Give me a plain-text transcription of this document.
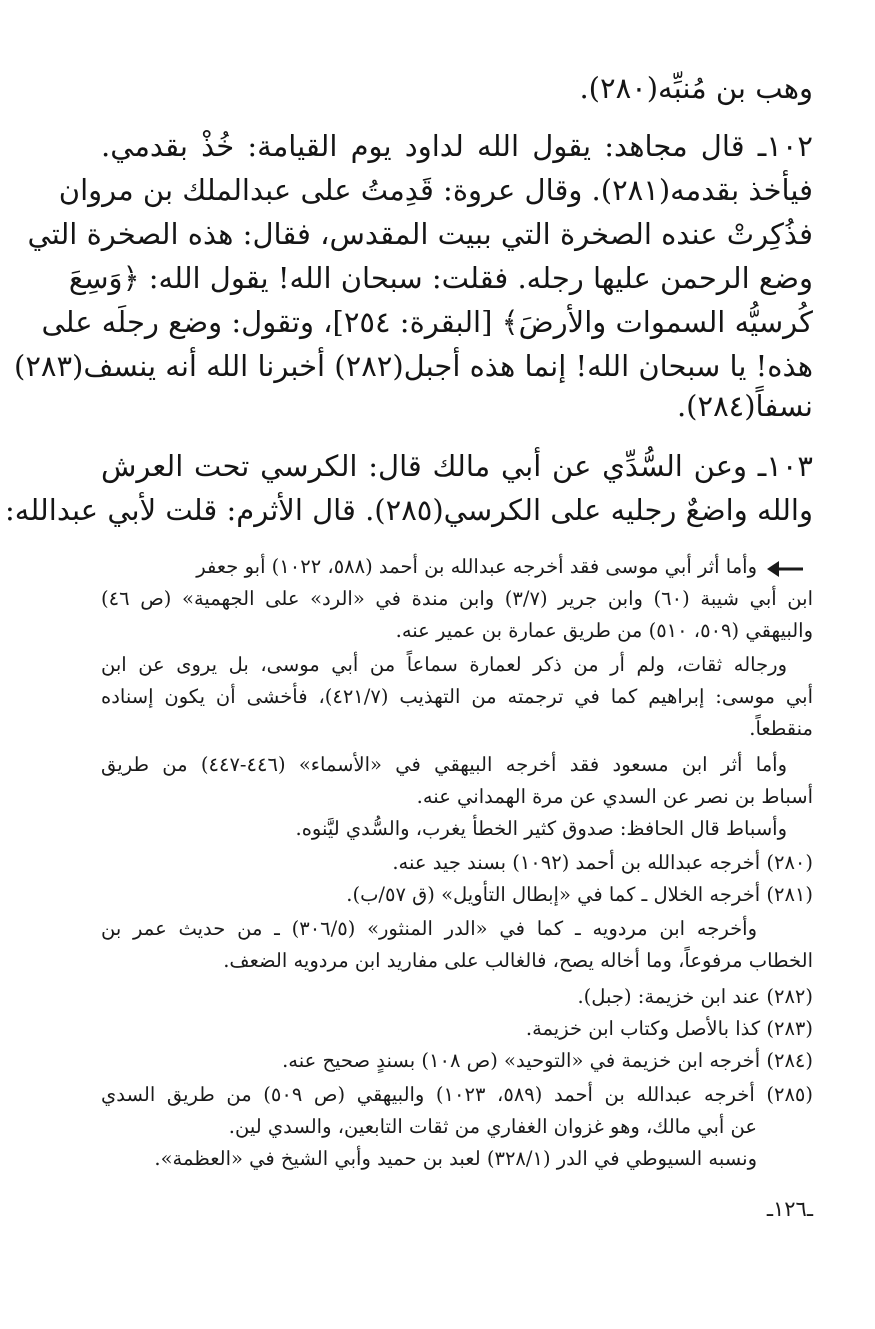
وهب بن مُنبِّه(٢٨٠).
١٠٢ـ قال مجاهد: يقول الله لداود يوم القيامة: خُذْ بقدمي.
فيأخذ بقدمه(٢٨١). وقال عروة: قَدِمتُ على عبدالملك بن مروان
فذُكِرتْ عنده الصخرة التي ببيت المقدس، فقال: هذه الصخرة التي
وضع الرحمن عليها رجله. فقلت: سبحان الله! يقول الله: ﴿وَسِعَ
كُرسيُّه السموات والأرضَ﴾ [البقرة: ٢٥٤]، وتقول: وضع رجلَه على
هذه! يا سبحان الله! إنما هذه أجبل(٢٨٢) أخبرنا الله أنه ينسف(٢٨٣)
نسفاً(٢٨٤).
١٠٣ـ وعن السُّدِّي عن أبي مالك قال: الكرسي تحت العرش
والله واضعٌ رجليه على الكرسي(٢٨٥). قال الأثرم: قلت لأبي عبدالله:
وأما أثر أبي موسى فقد أخرجه عبدالله بن أحمد (٥٨٨، ١٠٢٢) أبو جعفر
ابن أبي شيبة (٦٠) وابن جرير (٣/٧) وابن مندة في «الرد» على الجهمية» (ص ٤٦)
والبيهقي (٥٠٩، ٥١٠) من طريق عمارة بن عمير عنه.
ورجاله ثقات، ولم أر من ذكر لعمارة سماعاً من أبي موسى، بل يروى عن ابن
أبي موسى: إبراهيم كما في ترجمته من التهذيب (٤٢١/٧)، فأخشى أن يكون إسناده
منقطعاً.
وأما أثر ابن مسعود فقد أخرجه البيهقي في «الأسماء» (٤٤٦-٤٤٧) من طريق
أسباط بن نصر عن السدي عن مرة الهمداني عنه.
وأسباط قال الحافظ: صدوق كثير الخطأ يغرب، والسُّدي ليَّنوه.
(٢٨٠) أخرجه عبدالله بن أحمد (١٠٩٢) بسند جيد عنه.
(٢٨١) أخرجه الخلال ـ كما في «إبطال التأويل» (ق ٥٧/ب).
وأخرجه ابن مردويه ـ كما في «الدر المنثور» (٣٠٦/٥) ـ من حديث عمر بن
الخطاب مرفوعاً، وما أخاله يصح، فالغالب على مفاريد ابن مردويه الضعف.
(٢٨٢) عند ابن خزيمة: (جبل).
(٢٨٣) كذا بالأصل وكتاب ابن خزيمة.
(٢٨٤) أخرجه ابن خزيمة في «التوحيد» (ص ١٠٨) بسندٍ صحيح عنه.
(٢٨٥) أخرجه عبدالله بن أحمد (٥٨٩، ١٠٢٣) والبيهقي (ص ٥٠٩) من طريق السدي
عن أبي مالك، وهو غزوان الغفاري من ثقات التابعين، والسدي لين.
ونسبه السيوطي في الدر (٣٢٨/١) لعبد بن حميد وأبي الشيخ في «العظمة».
ـ١٢٦ـ
